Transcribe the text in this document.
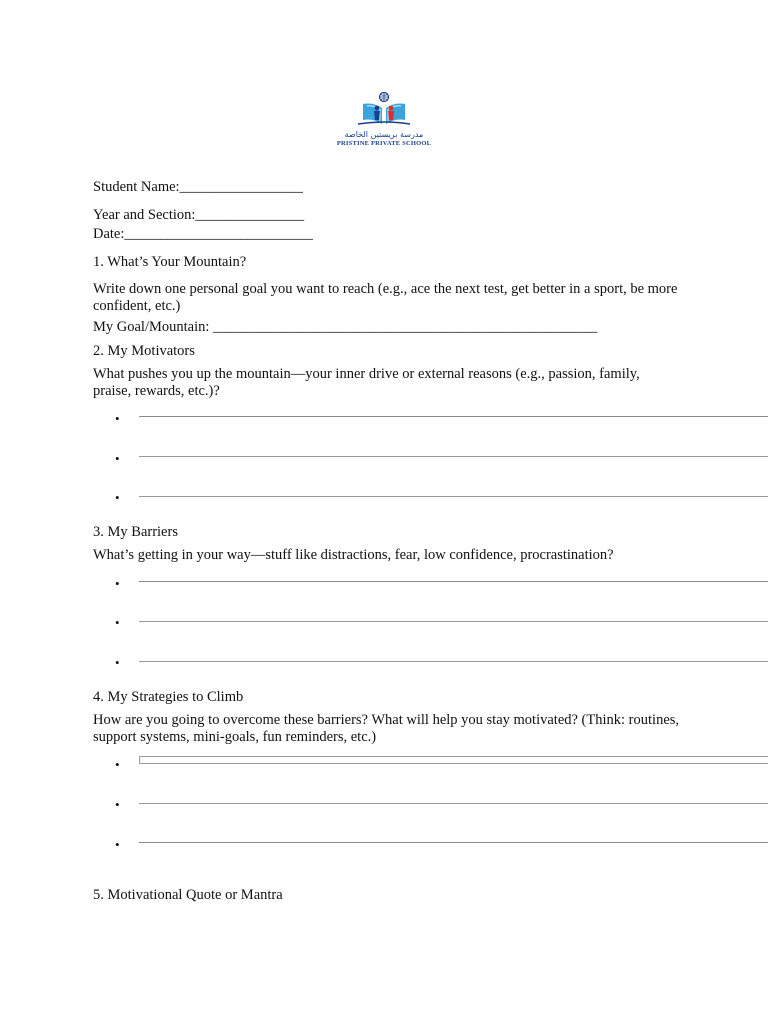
مدرسة بريستين الخاصة
PRISTINE PRIVATE SCHOOL
Student Name:_________________
Year and Section:_______________
Date:__________________________
1. What’s Your Mountain?
Write down one personal goal you want to reach (e.g., ace the next test, get better in a sport, be more confident, etc.)
My Goal/Mountain: _____________________________________________________
2. My Motivators
What pushes you up the mountain—your inner drive or external reasons (e.g., passion, family, praise, rewards, etc.)?
•
•
•
3. My Barriers
What’s getting in your way—stuff like distractions, fear, low confidence, procrastination?
•
•
•
4. My Strategies to Climb
How are you going to overcome these barriers? What will help you stay motivated? (Think: routines, support systems, mini-goals, fun reminders, etc.)
•
•
•
5. Motivational Quote or Mantra
